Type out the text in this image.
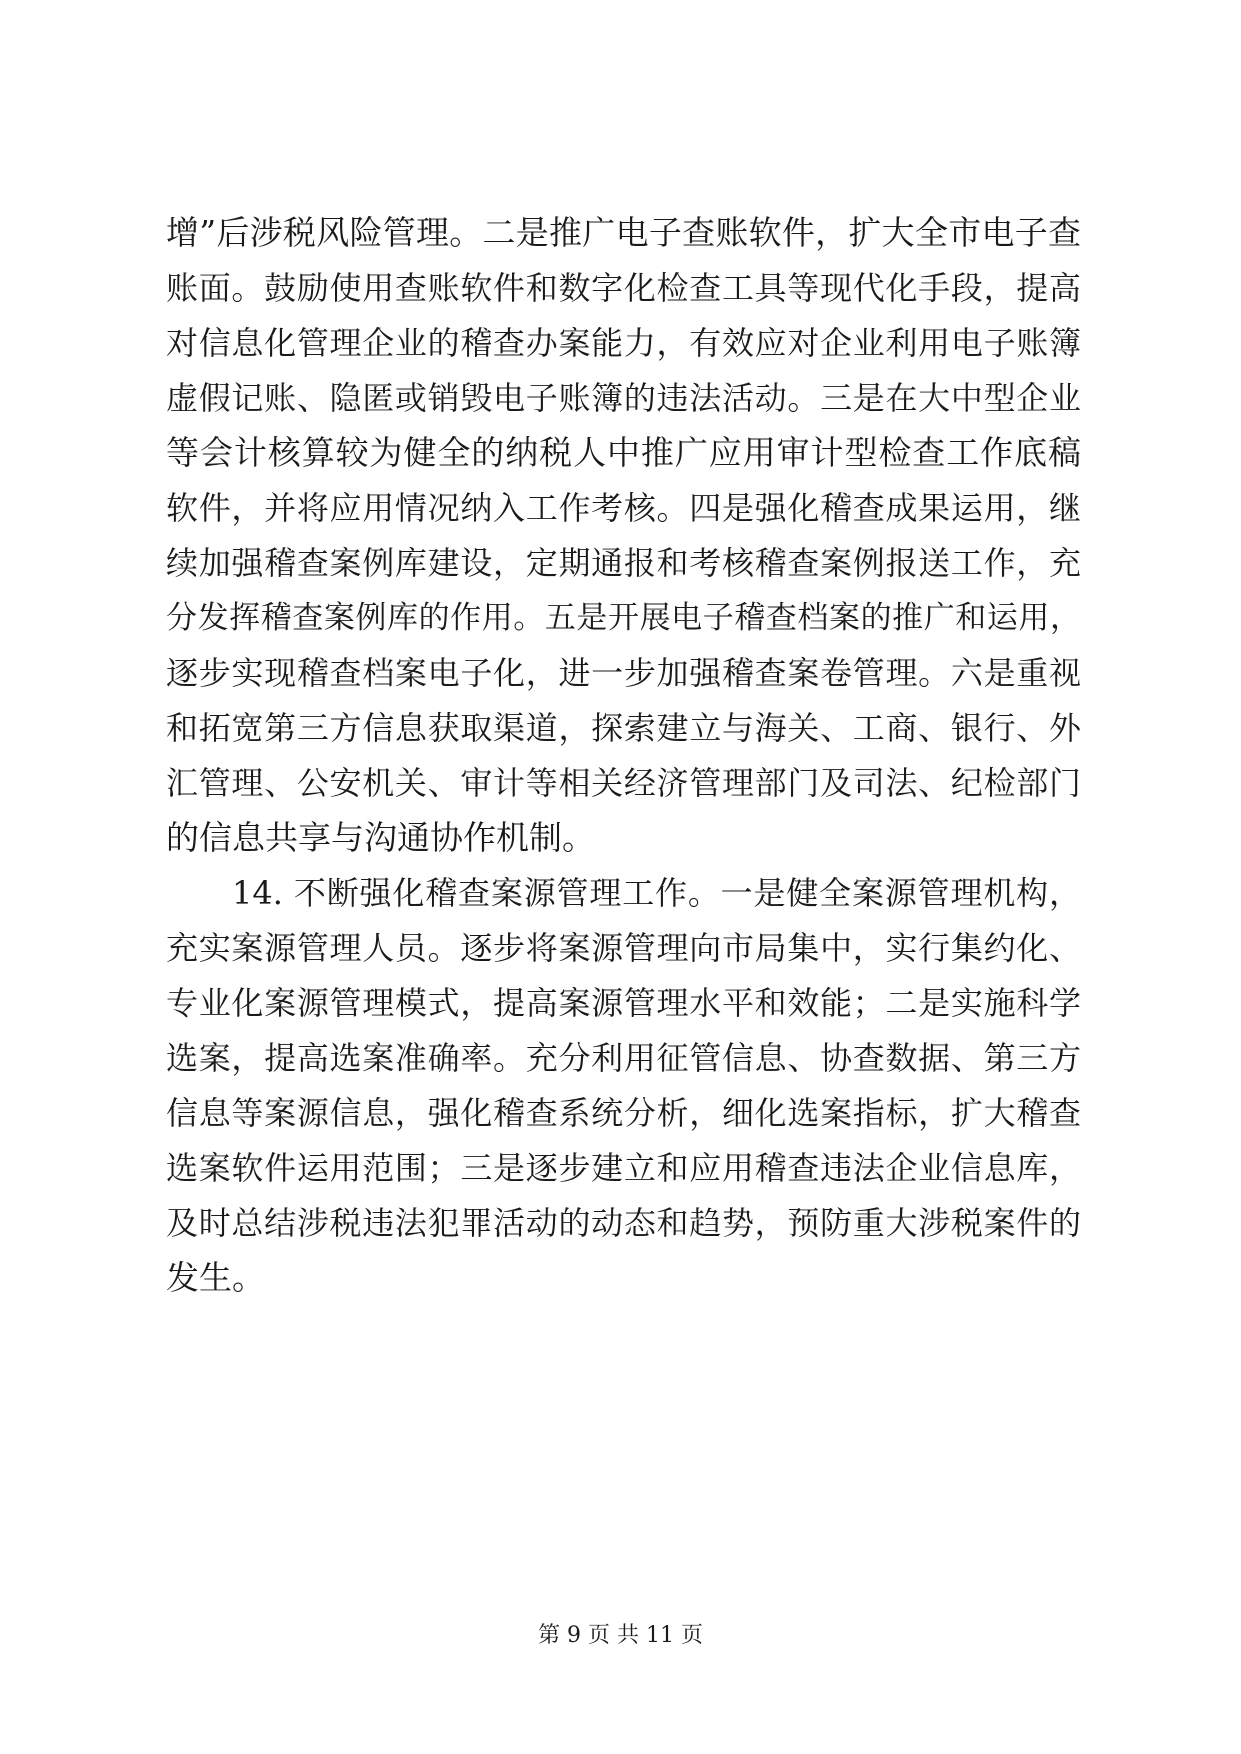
增”后涉税风险管理。二是推广电子查账软件，扩大全市电子查
账面。鼓励使用查账软件和数字化检查工具等现代化手段，提高
对信息化管理企业的稽查办案能力，有效应对企业利用电子账簿
虚假记账、隐匿或销毁电子账簿的违法活动。三是在大中型企业
等会计核算较为健全的纳税人中推广应用审计型检查工作底稿
软件，并将应用情况纳入工作考核。四是强化稽查成果运用，继
续加强稽查案例库建设，定期通报和考核稽查案例报送工作，充
分发挥稽查案例库的作用。五是开展电子稽查档案的推广和运用，
逐步实现稽查档案电子化，进一步加强稽查案卷管理。六是重视
和拓宽第三方信息获取渠道，探索建立与海关、工商、银行、外
汇管理、公安机关、审计等相关经济管理部门及司法、纪检部门
的信息共享与沟通协作机制。
14. 不断强化稽查案源管理工作。一是健全案源管理机构，
充实案源管理人员。逐步将案源管理向市局集中，实行集约化、
专业化案源管理模式，提高案源管理水平和效能；二是实施科学
选案，提高选案准确率。充分利用征管信息、协查数据、第三方
信息等案源信息，强化稽查系统分析，细化选案指标，扩大稽查
选案软件运用范围；三是逐步建立和应用稽查违法企业信息库，
及时总结涉税违法犯罪活动的动态和趋势，预防重大涉税案件的
发生。
第 9 页 共 11 页
